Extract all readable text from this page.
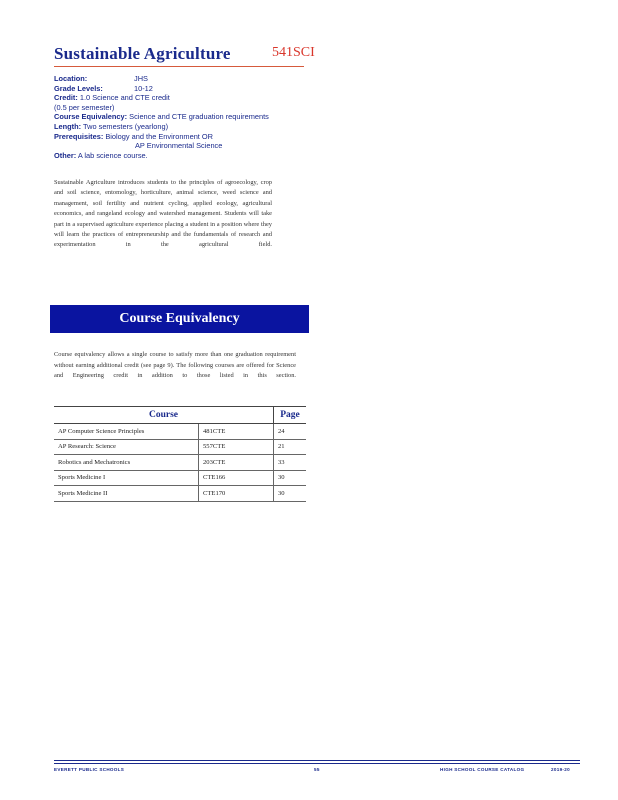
Sustainable Agriculture	541SCI
Location:	JHS
Grade Levels:	10-12
Credit: 1.0 Science and CTE credit
(0.5 per semester)
Course Equivalency: Science and CTE graduation requirements
Length: Two semesters (yearlong)
Prerequisites: Biology and the Environment OR
AP Environmental Science
Other: A lab science course.
Sustainable Agriculture introduces students to the principles of agroecology, crop and soil science, entomology, horticulture, animal science, weed science and management, soil fertility and nutrient cycling, applied ecology, agricultural economics, and rangeland ecology and watershed management. Students will take part in a supervised agriculture experience placing a student in a position where they will learn the practices of entrepreneurship and the fundamentals of research and experimentation in the agricultural field.
Course Equivalency
Course equivalency allows a single course to satisfy more than one graduation requirement without earning additional credit (see page 9). The following courses are offered for Science and Engineering credit in addition to those listed in this section.
Course		Page
AP Computer Science Principles	481CTE	24
AP Research: Science	557CTE	21
Robotics and Mechatronics	203CTE	33
Sports Medicine I	CTE166	30
Sports Medicine II	CTE170	30
EVERETT PUBLIC SCHOOLS	55	HIGH SCHOOL COURSE CATALOG	2019-20
